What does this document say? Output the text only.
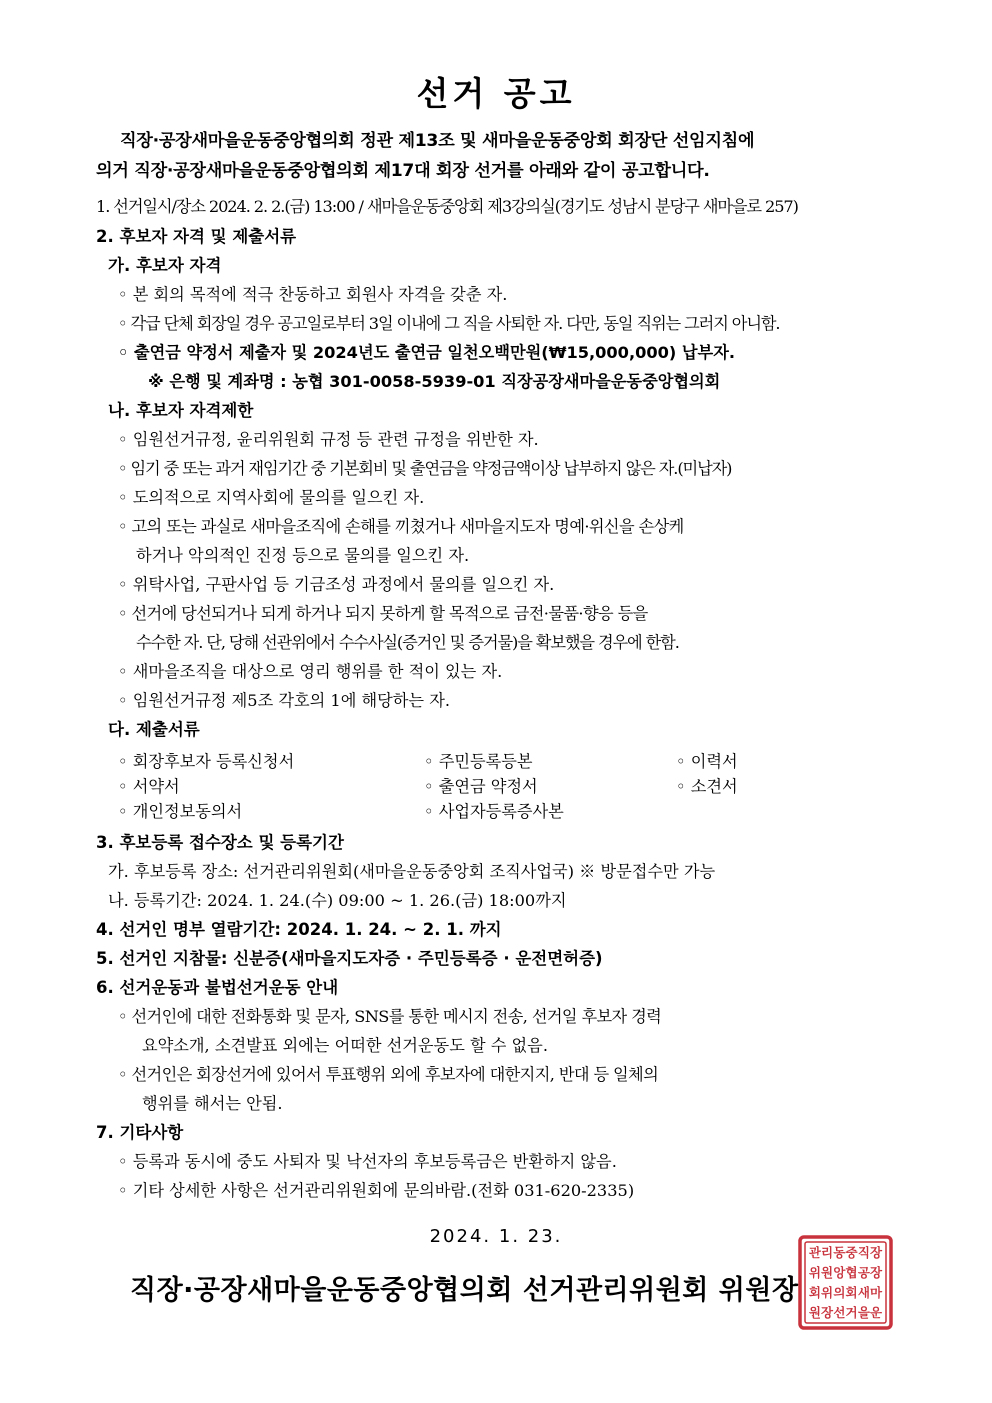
선거 공고
직장·공장새마을운동중앙협의회 정관 제13조 및 새마을운동중앙회 회장단 선임지침에
의거 직장·공장새마을운동중앙협의회 제17대 회장 선거를 아래와 같이 공고합니다.
1. 선거일시/장소 2024. 2. 2.(금) 13:00 / 새마을운동중앙회 제3강의실(경기도 성남시 분당구 새마을로 257)
2. 후보자 자격 및 제출서류
가. 후보자 자격
◦ 본 회의 목적에 적극 찬동하고 회원사 자격을 갖춘 자.
◦ 각급 단체 회장일 경우 공고일로부터 3일 이내에 그 직을 사퇴한 자. 다만, 동일 직위는 그러지 아니함.
◦ 출연금 약정서 제출자 및 2024년도 출연금 일천오백만원(₩15,000,000) 납부자.
※ 은행 및 계좌명 : 농협 301-0058-5939-01 직장공장새마을운동중앙협의회
나. 후보자 자격제한
◦ 임원선거규정, 윤리위원회 규정 등 관련 규정을 위반한 자.
◦ 임기 중 또는 과거 재임기간 중 기본회비 및 출연금을 약정금액이상 납부하지 않은 자.(미납자)
◦ 도의적으로 지역사회에 물의를 일으킨 자.
◦ 고의 또는 과실로 새마을조직에 손해를 끼쳤거나 새마을지도자 명예·위신을 손상케
하거나 악의적인 진정 등으로 물의를 일으킨 자.
◦ 위탁사업, 구판사업 등 기금조성 과정에서 물의를 일으킨 자.
◦ 선거에 당선되거나 되게 하거나 되지 못하게 할 목적으로 금전·물품·향응 등을
수수한 자. 단, 당해 선관위에서 수수사실(증거인 및 증거물)을 확보했을 경우에 한함.
◦ 새마을조직을 대상으로 영리 행위를 한 적이 있는 자.
◦ 임원선거규정 제5조 각호의 1에 해당하는 자.
다. 제출서류
◦ 회장후보자 등록신청서	◦ 주민등록등본	◦ 이력서
◦ 서약서	◦ 출연금 약정서	◦ 소견서
◦ 개인정보동의서	◦ 사업자등록증사본
3. 후보등록 접수장소 및 등록기간
가. 후보등록 장소: 선거관리위원회(새마을운동중앙회 조직사업국) ※ 방문접수만 가능
나. 등록기간: 2024. 1. 24.(수) 09:00 ~ 1. 26.(금) 18:00까지
4. 선거인 명부 열람기간: 2024. 1. 24. ~ 2. 1. 까지
5. 선거인 지참물: 신분증(새마을지도자증 · 주민등록증 · 운전면허증)
6. 선거운동과 불법선거운동 안내
◦ 선거인에 대한 전화통화 및 문자, SNS를 통한 메시지 전송, 선거일 후보자 경력
요약소개, 소견발표 외에는 어떠한 선거운동도 할 수 없음.
◦ 선거인은 회장선거에 있어서 투표행위 외에 후보자에 대한지지, 반대 등 일체의
행위를 해서는 안됨.
7. 기타사항
◦ 등록과 동시에 중도 사퇴자 및 낙선자의 후보등록금은 반환하지 않음.
◦ 기타 상세한 사항은 선거관리위원회에 문의바람.(전화 031-620-2335)
2024. 1. 23.
직장·공장새마을운동중앙협의회 선거관리위원회 위원장
직장
공장
새마
을운
동중
앙협
의회
선거
관리
위원
회위
원장
